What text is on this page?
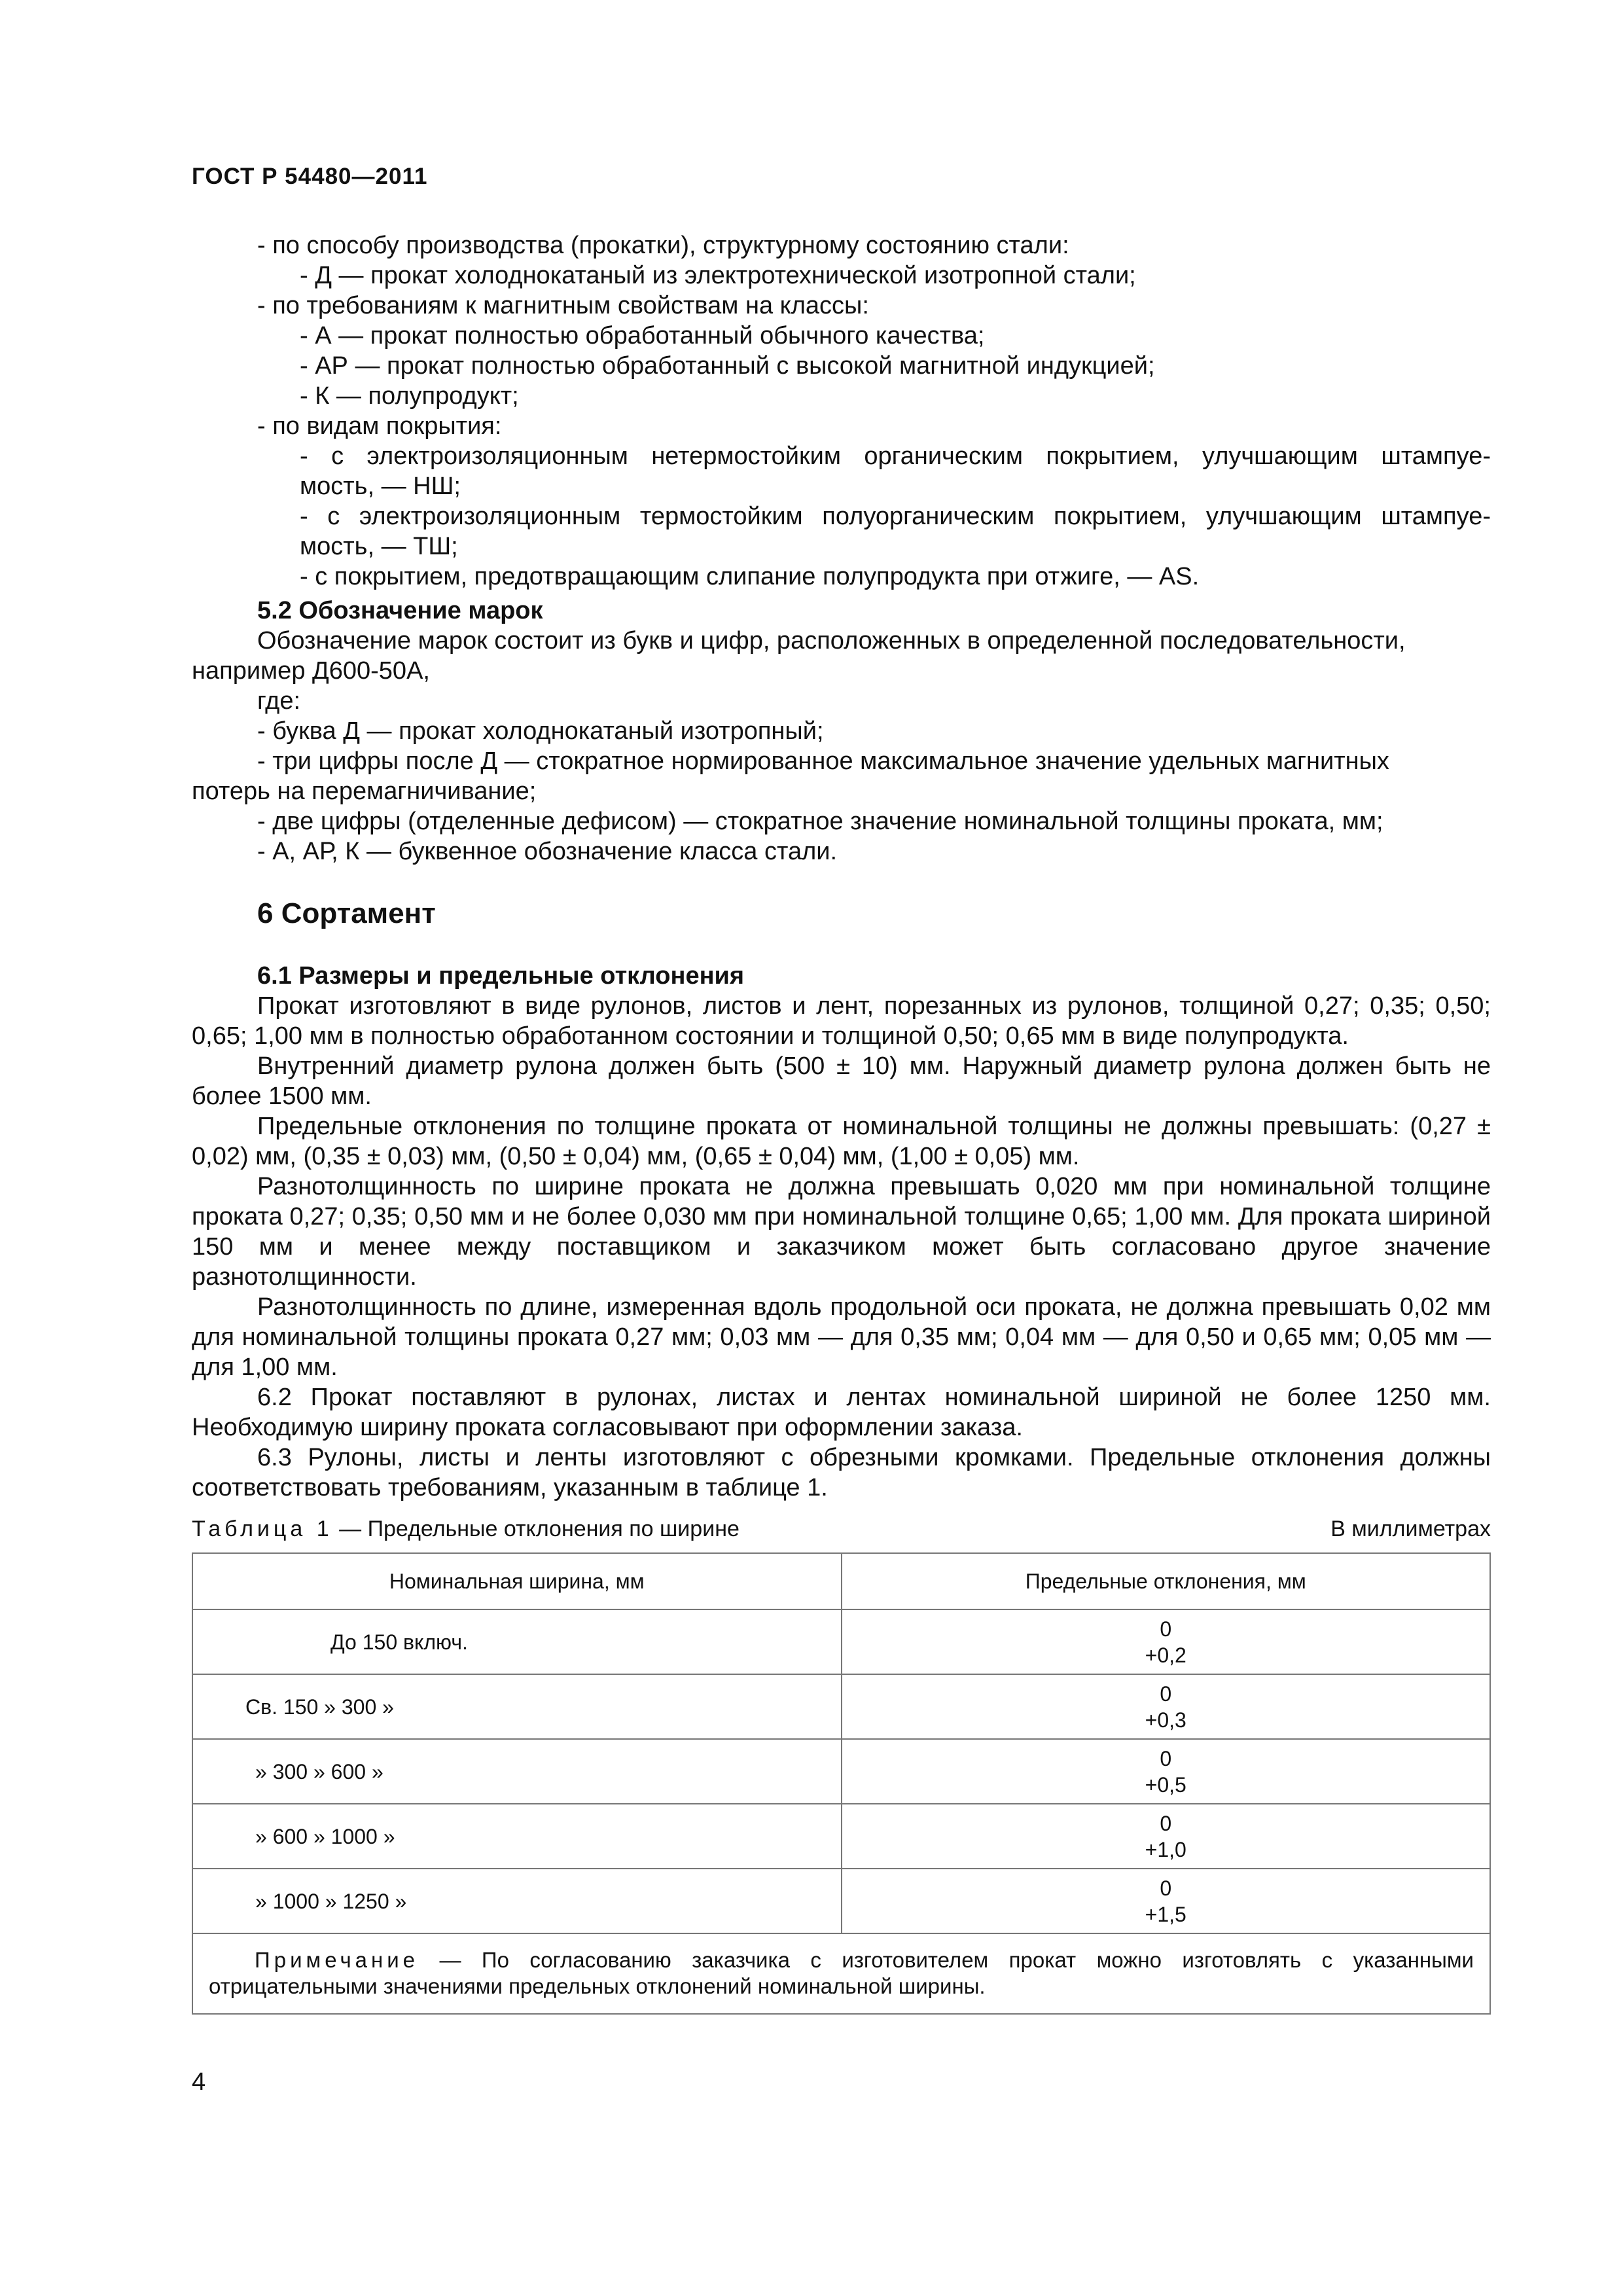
ГОСТ Р 54480—2011
- по способу производства (прокатки), структурному состоянию стали:
- Д — прокат холоднокатаный из электротехнической изотропной стали;
- по требованиям к магнитным свойствам на классы:
- А — прокат полностью обработанный обычного качества;
- АР — прокат полностью обработанный с высокой магнитной индукцией;
- К — полупродукт;
- по видам покрытия:
- с электроизоляционным нетермостойким органическим покрытием, улучшающим штампуе-
мость, — НШ;
- с электроизоляционным термостойким полуорганическим покрытием, улучшающим штампуе-
мость, — ТШ;
- с покрытием, предотвращающим слипание полупродукта при отжиге, — AS.
5.2 Обозначение марок
Обозначение марок состоит из букв и цифр, расположенных в определенной последовательности,
например Д600-50А,
где:
- буква Д — прокат холоднокатаный изотропный;
- три цифры после Д — стократное нормированное максимальное значение удельных магнитных
потерь на перемагничивание;
- две цифры (отделенные дефисом) — стократное значение номинальной толщины проката, мм;
- А, АР, К — буквенное обозначение класса стали.
6 Сортамент
6.1 Размеры и предельные отклонения
Прокат изготовляют в виде рулонов, листов и лент, порезанных из рулонов, толщиной 0,27; 0,35; 0,50; 0,65; 1,00 мм в полностью обработанном состоянии и толщиной 0,50; 0,65 мм в виде полупродукта.
Внутренний диаметр рулона должен быть (500 ± 10) мм. Наружный диаметр рулона должен быть не более 1500 мм.
Предельные отклонения по толщине проката от номинальной толщины не должны превышать: (0,27 ± 0,02) мм, (0,35 ± 0,03) мм, (0,50 ± 0,04) мм, (0,65 ± 0,04) мм, (1,00 ± 0,05) мм.
Разнотолщинность по ширине проката не должна превышать 0,020 мм при номинальной толщине проката 0,27; 0,35; 0,50 мм и не более 0,030 мм при номинальной толщине 0,65; 1,00 мм. Для проката шириной 150 мм и менее между поставщиком и заказчиком может быть согласовано другое значение разнотолщинности.
Разнотолщинность по длине, измеренная вдоль продольной оси проката, не должна превышать 0,02 мм для номинальной толщины проката 0,27 мм; 0,03 мм — для 0,35 мм; 0,04 мм — для 0,50 и 0,65 мм; 0,05 мм — для 1,00 мм.
6.2 Прокат поставляют в рулонах, листах и лентах номинальной шириной не более 1250 мм. Необходимую ширину проката согласовывают при оформлении заказа.
6.3 Рулоны, листы и ленты изготовляют с обрезными кромками. Предельные отклонения должны соответствовать требованиям, указанным в таблице 1.
Таблица 1 — Предельные отклонения по ширине	В миллиметрах
Номинальная ширина, мм	Предельные отклонения, мм
До 150 включ.	0
+0,2

Св. 150 » 300 »	0
+0,3

» 300 » 600 »	0
+0,5

» 600 » 1000 »	0
+1,0

» 1000 » 1250 »	0
+1,5

Примечание — По согласованию заказчика с изготовителем прокат можно изготовлять с указанными отрицательными значениями предельных отклонений номинальной ширины.	
4
